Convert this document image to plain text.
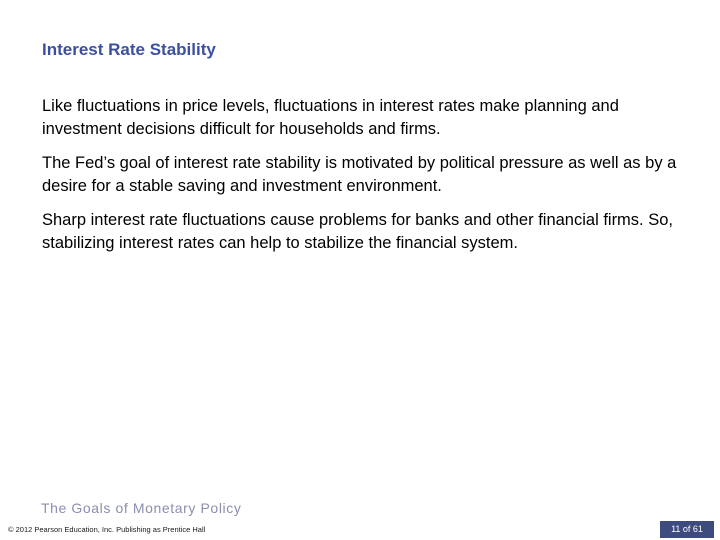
Interest Rate Stability

Like fluctuations in price levels, fluctuations in interest rates make planning and investment decisions difficult for households and firms.

The Fed’s goal of interest rate stability is motivated by political pressure as well as by a desire for a stable saving and investment environment.

Sharp interest rate fluctuations cause problems for banks and other financial firms. So, stabilizing interest rates can help to stabilize the financial system.

The Goals of Monetary Policy
© 2012 Pearson Education, Inc. Publishing as Prentice Hall	11 of 61
